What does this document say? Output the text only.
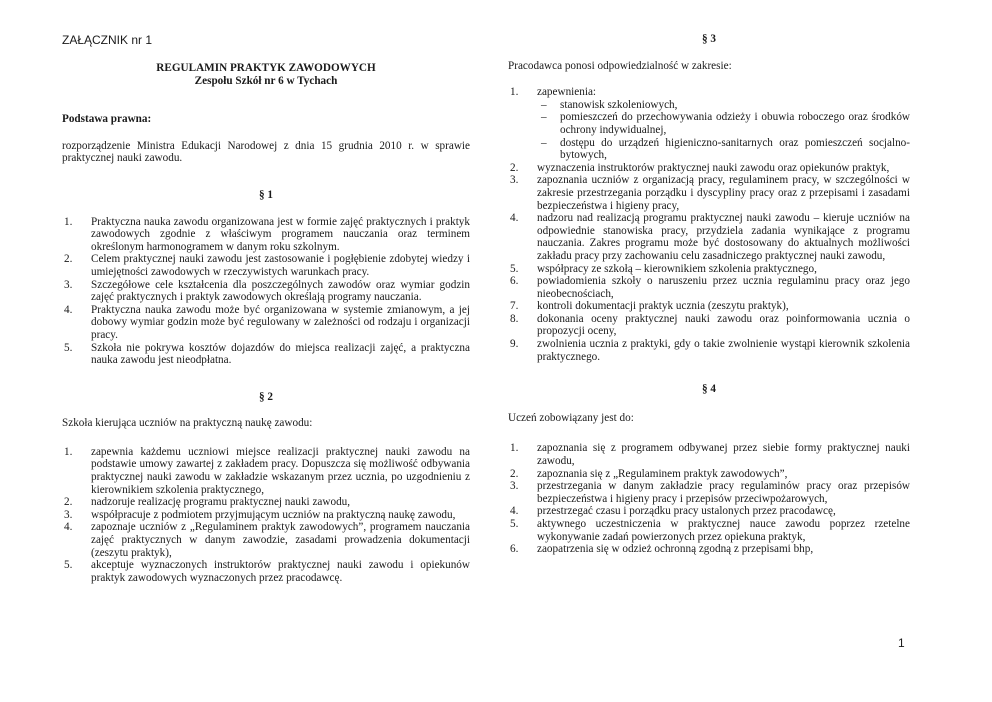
ZAŁĄCZNIK nr 1
REGULAMIN PRAKTYK ZAWODOWYCH
Zespołu Szkół nr 6 w Tychach
Podstawa prawna:
rozporządzenie Ministra Edukacji Narodowej z dnia 15 grudnia 2010 r. w sprawie praktycznej nauki zawodu.
§ 1
1.	Praktyczna nauka zawodu organizowana jest w formie zajęć praktycznych i praktyk zawodowych zgodnie z właściwym programem nauczania oraz terminem określonym harmonogramem w danym roku szkolnym.
2.	Celem praktycznej nauki zawodu jest zastosowanie i pogłębienie zdobytej wiedzy i umiejętności zawodowych w rzeczywistych warunkach pracy.
3.	Szczegółowe cele kształcenia dla poszczególnych zawodów oraz wymiar godzin zajęć praktycznych i praktyk zawodowych określają programy nauczania.
4.	Praktyczna nauka zawodu może być organizowana w systemie zmianowym, a jej dobowy wymiar godzin może być regulowany w zależności od rodzaju i organizacji pracy.
5.	Szkoła nie pokrywa kosztów dojazdów do miejsca realizacji zajęć, a praktyczna nauka zawodu jest nieodpłatna.
§ 2
Szkoła kierująca uczniów na praktyczną naukę zawodu:
1.	zapewnia każdemu uczniowi miejsce realizacji praktycznej nauki zawodu na podstawie umowy zawartej z zakładem pracy. Dopuszcza się możliwość odbywania praktycznej nauki zawodu w zakładzie wskazanym przez ucznia, po uzgodnieniu z kierownikiem szkolenia praktycznego,
2.	nadzoruje realizację programu praktycznej nauki zawodu,
3.	współpracuje z podmiotem przyjmującym uczniów na praktyczną naukę zawodu,
4.	zapoznaje uczniów z „Regulaminem praktyk zawodowych”, programem nauczania zajęć praktycznych w danym zawodzie, zasadami prowadzenia dokumentacji (zeszytu praktyk),
5.	akceptuje wyznaczonych instruktorów praktycznej nauki zawodu i opiekunów praktyk zawodowych wyznaczonych przez pracodawcę.
§ 3
Pracodawca ponosi odpowiedzialność w zakresie:
1.	zapewnienia:
– stanowisk szkoleniowych,
– pomieszczeń do przechowywania odzieży i obuwia roboczego oraz środków ochrony indywidualnej,
– dostępu do urządzeń higieniczno-sanitarnych oraz pomieszczeń socjalno-bytowych,
2.	wyznaczenia instruktorów praktycznej nauki zawodu oraz opiekunów praktyk,
3.	zapoznania uczniów z organizacją pracy, regulaminem pracy, w szczególności w zakresie przestrzegania porządku i dyscypliny pracy oraz z przepisami i zasadami bezpieczeństwa i higieny pracy,
4.	nadzoru nad realizacją programu praktycznej nauki zawodu – kieruje uczniów na odpowiednie stanowiska pracy, przydziela zadania wynikające z programu nauczania. Zakres programu może być dostosowany do aktualnych możliwości zakładu pracy przy zachowaniu celu zasadniczego praktycznej nauki zawodu,
5.	współpracy ze szkołą – kierownikiem szkolenia praktycznego,
6.	powiadomienia szkoły o naruszeniu przez ucznia regulaminu pracy oraz jego nieobecnościach,
7.	kontroli dokumentacji praktyk ucznia (zeszytu praktyk),
8.	dokonania oceny praktycznej nauki zawodu oraz poinformowania ucznia o propozycji oceny,
9.	zwolnienia ucznia z praktyki, gdy o takie zwolnienie wystąpi kierownik szkolenia praktycznego.
§ 4
Uczeń zobowiązany jest do:
1.	zapoznania się z programem odbywanej przez siebie formy praktycznej nauki zawodu,
2.	zapoznania się z „Regulaminem praktyk zawodowych”,
3.	przestrzegania w danym zakładzie pracy regulaminów pracy oraz przepisów bezpieczeństwa i higieny pracy i przepisów przeciwpożarowych,
4.	przestrzegać czasu i porządku pracy ustalonych przez pracodawcę,
5.	aktywnego uczestniczenia w praktycznej nauce zawodu poprzez rzetelne wykonywanie zadań powierzonych przez opiekuna praktyk,
6.	zaopatrzenia się w odzież ochronną zgodną z przepisami bhp,
1
